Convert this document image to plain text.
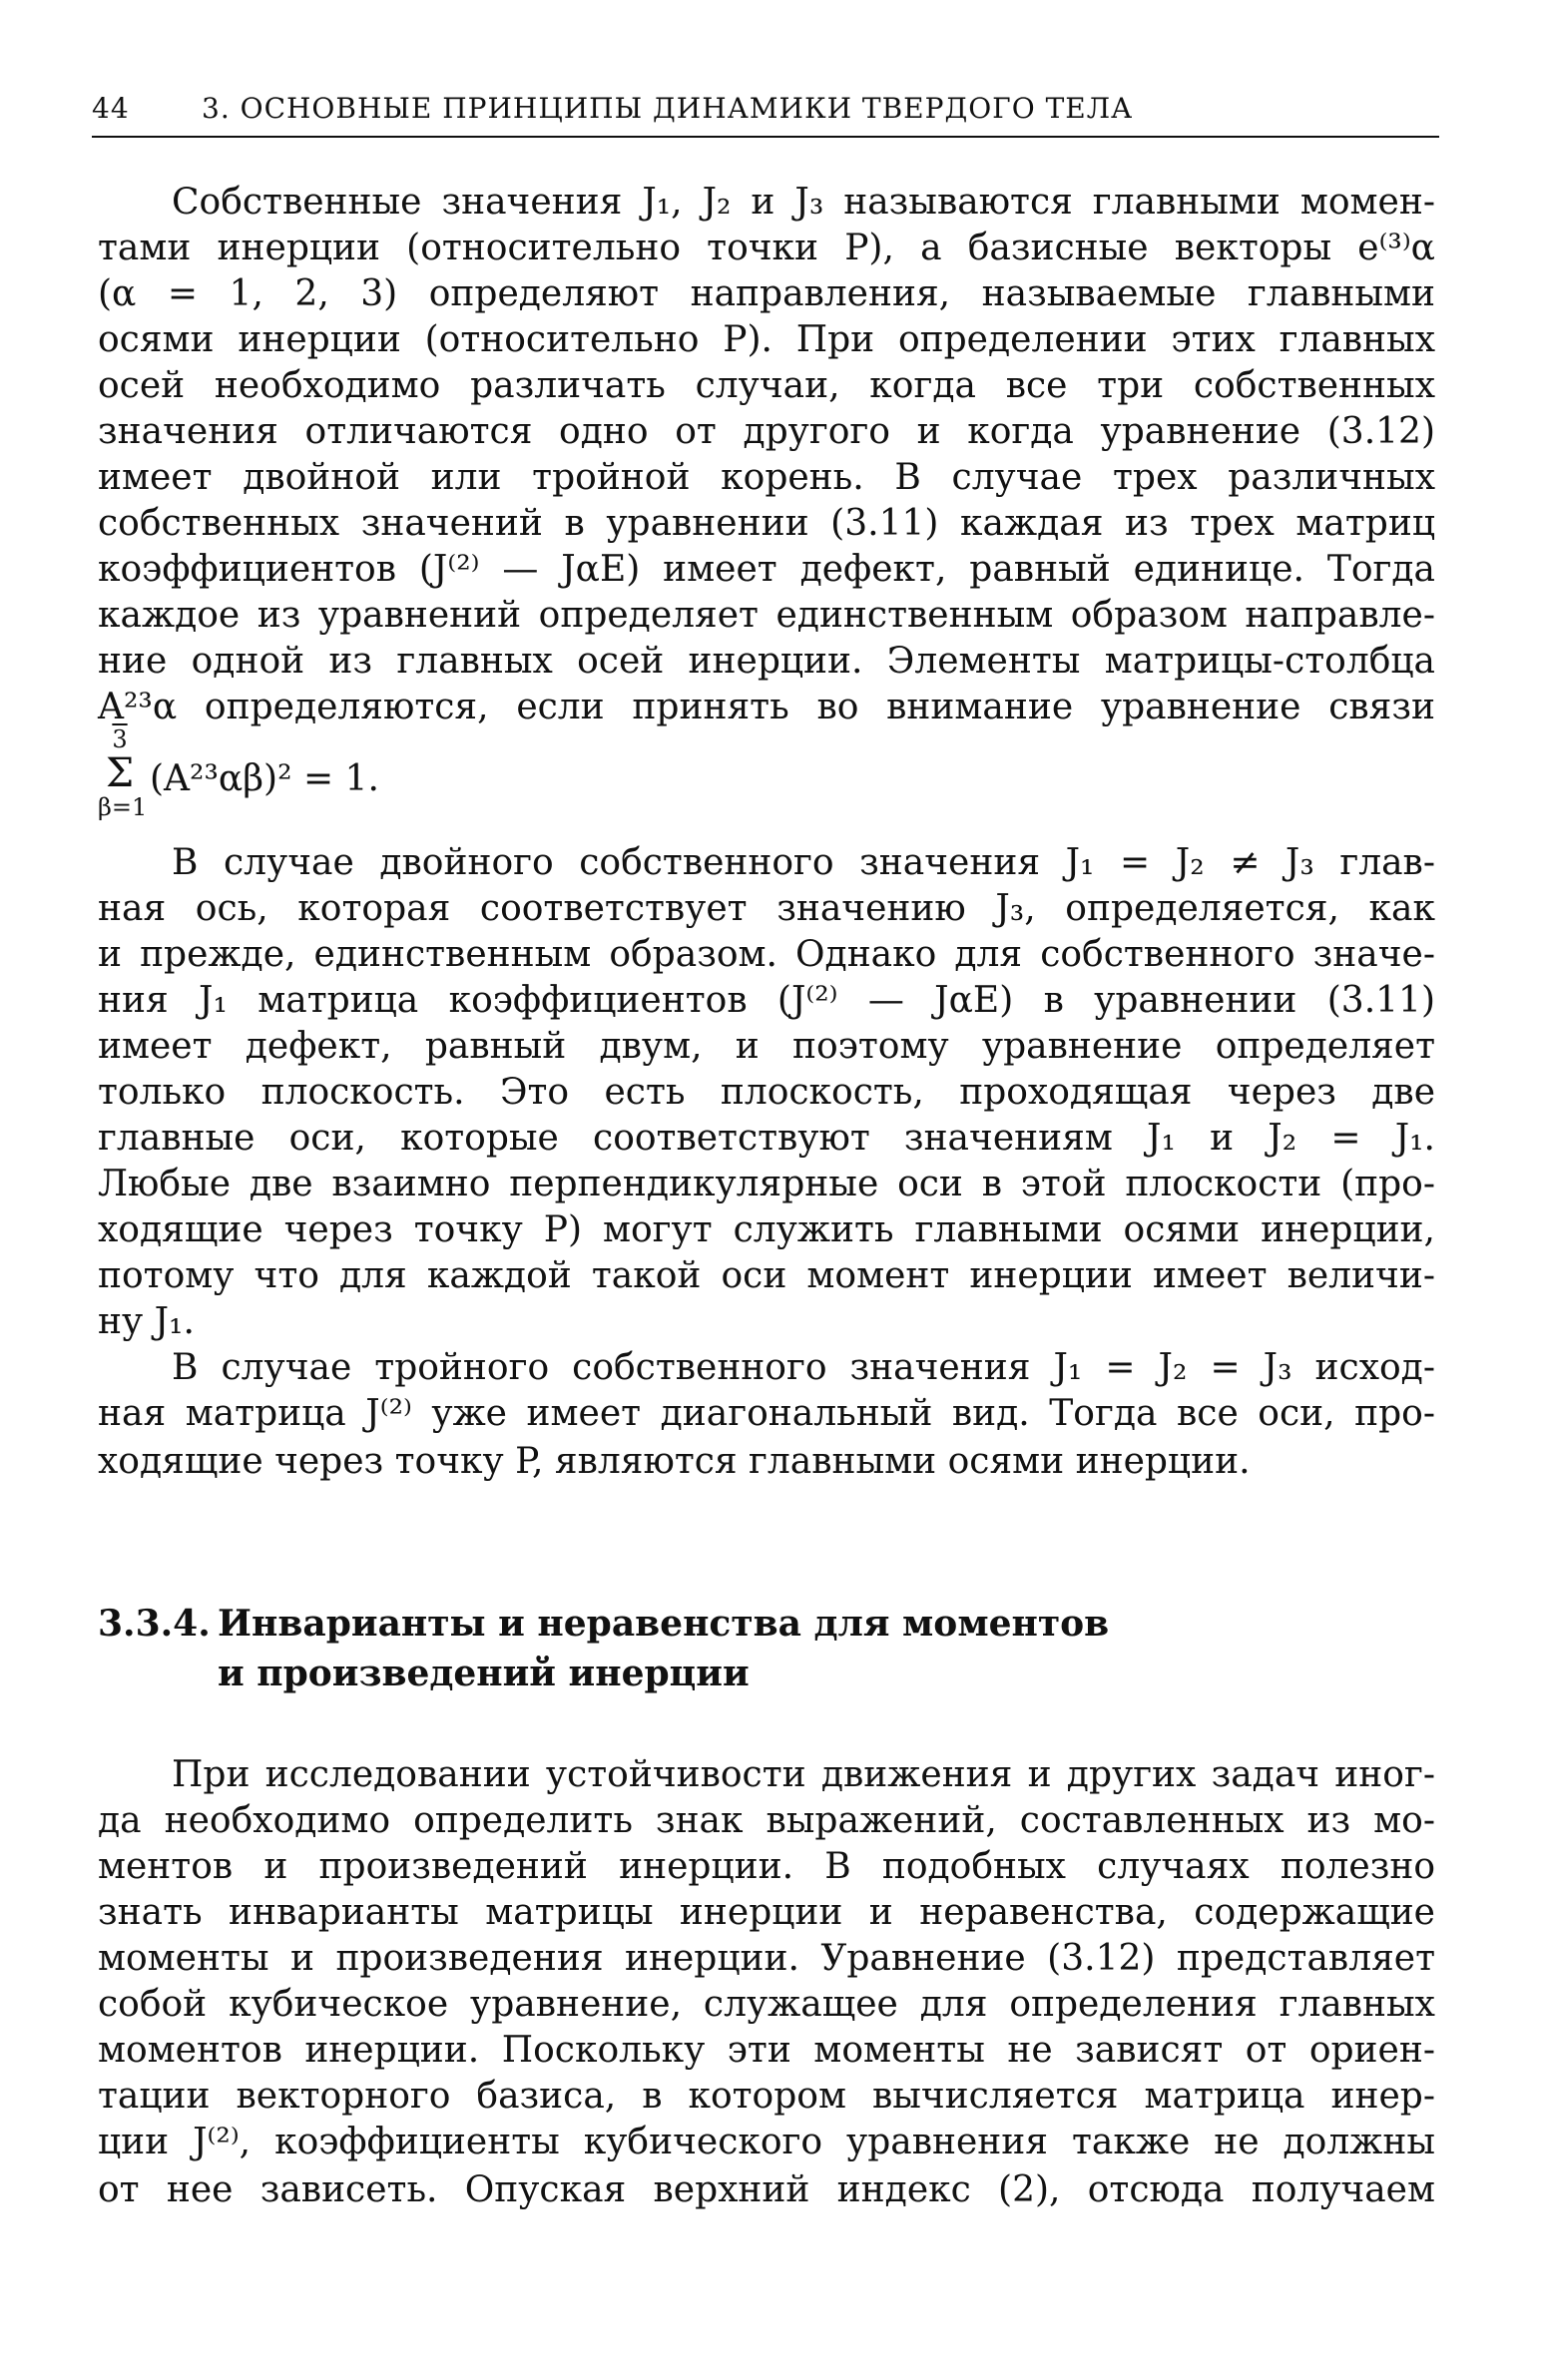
44	3. ОСНОВНЫЕ ПРИНЦИПЫ ДИНАМИКИ ТВЕРДОГО ТЕЛА
Собственные значения J₁, J₂ и J₃ называются главными момен-
тами инерции (относительно точки P), а базисные векторы e⁽³⁾α
(α = 1, 2, 3) определяют направления, называемые главными
осями инерции (относительно P). При определении этих главных
осей необходимо различать случаи, когда все три собственных
значения отличаются одно от другого и когда уравнение (3.12)
имеет двойной или тройной корень. В случае трех различных
собственных значений в уравнении (3.11) каждая из трех матриц
коэффициентов (J⁽²⁾ — JαE) имеет дефект, равный единице. Тогда
каждое из уравнений определяет единственным образом направле-
ние одной из главных осей инерции. Элементы матрицы-столбца
A²³α определяются, если принять во внимание уравнение связи
3
Σ
β=1
(A²³αβ)² = 1.
В случае двойного собственного значения J₁ = J₂ ≠ J₃ глав-
ная ось, которая соответствует значению J₃, определяется, как
и прежде, единственным образом. Однако для собственного значе-
ния J₁ матрица коэффициентов (J⁽²⁾ — JαE) в уравнении (3.11)
имеет дефект, равный двум, и поэтому уравнение определяет
только плоскость. Это есть плоскость, проходящая через две
главные оси, которые соответствуют значениям J₁ и J₂ = J₁.
Любые две взаимно перпендикулярные оси в этой плоскости (про-
ходящие через точку P) могут служить главными осями инерции,
потому что для каждой такой оси момент инерции имеет величи-
ну J₁.
В случае тройного собственного значения J₁ = J₂ = J₃ исход-
ная матрица J⁽²⁾ уже имеет диагональный вид. Тогда все оси, про-
ходящие через точку P, являются главными осями инерции.
3.3.4. Инварианты и неравенства для моментов
и произведений инерции
При исследовании устойчивости движения и других задач иног-
да необходимо определить знак выражений, составленных из мо-
ментов и произведений инерции. В подобных случаях полезно
знать инварианты матрицы инерции и неравенства, содержащие
моменты и произведения инерции. Уравнение (3.12) представляет
собой кубическое уравнение, служащее для определения главных
моментов инерции. Поскольку эти моменты не зависят от ориен-
тации векторного базиса, в котором вычисляется матрица инер-
ции J⁽²⁾, коэффициенты кубического уравнения также не должны
от нее зависеть. Опуская верхний индекс (2), отсюда получаем
